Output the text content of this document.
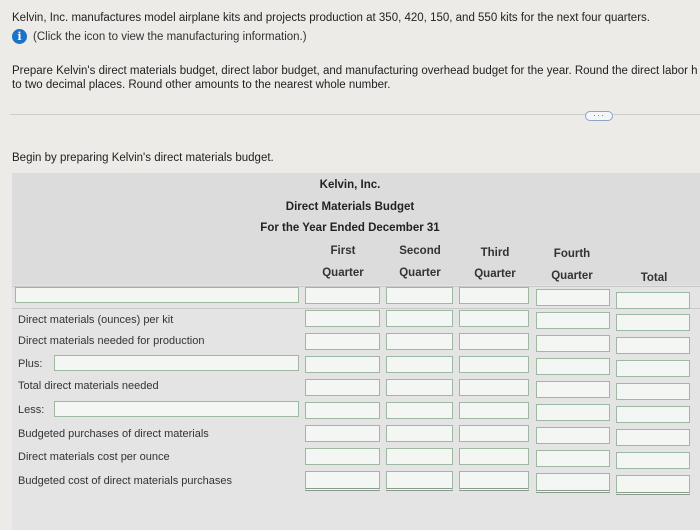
Kelvin, Inc. manufactures model airplane kits and projects production at 350, 420, 150, and 550 kits for the next four quarters.
i (Click the icon to view the manufacturing information.)
Prepare Kelvin's direct materials budget, direct labor budget, and manufacturing overhead budget for the year. Round the direct labor h to two decimal places. Round other amounts to the nearest whole number.
···
Begin by preparing Kelvin's direct materials budget.
Kelvin, Inc.
Direct Materials Budget
For the Year Ended December 31
First
Quarter
Second
Quarter
Third
Quarter
Fourth
Quarter	Total
Direct materials (ounces) per kit
Direct materials needed for production
Plus:
Total direct materials needed
Less:
Budgeted purchases of direct materials
Direct materials cost per ounce
Budgeted cost of direct materials purchases
